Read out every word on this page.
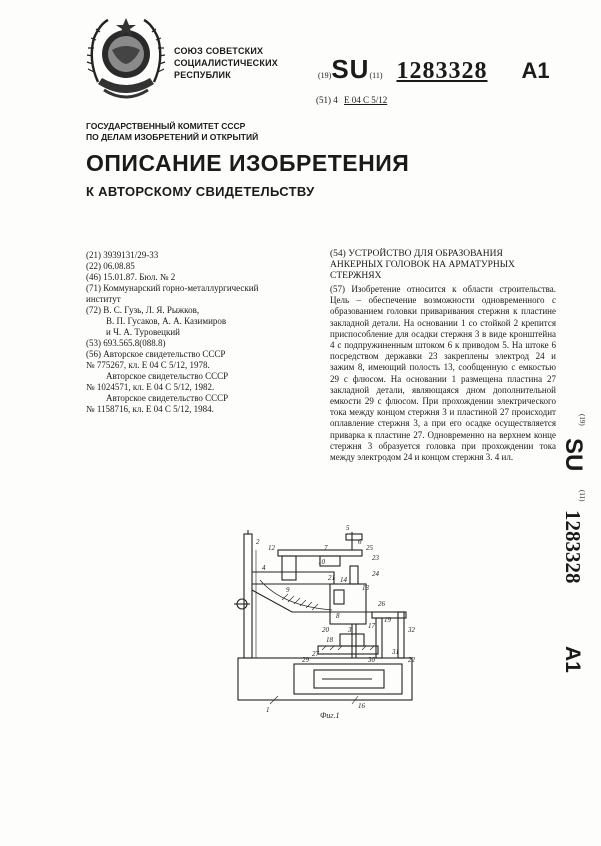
СОЮЗ СОВЕТСКИХ
СОЦИАЛИСТИЧЕСКИХ
РЕСПУБЛИК	(19)SU(11) 1283328 A1
(51) 4 E 04 C 5/12
ГОСУДАРСТВЕННЫЙ КОМИТЕТ СССР
ПО ДЕЛАМ ИЗОБРЕТЕНИЙ И ОТКРЫТИЙ
ОПИСАНИЕ ИЗОБРЕТЕНИЯ
К АВТОРСКОМУ СВИДЕТЕЛЬСТВУ
(21) 3939131/29-33
(22) 06.08.85
(46) 15.01.87. Бюл. № 2
(71) Коммунарский горно-металлургический
институт
(72) В. С. Гузь, Л. Я. Рыжков,
В. П. Гусаков, А. А. Казимиров
и Ч. А. Туровецкий
(53) 693.565.8(088.8)
(56) Авторское свидетельство СССР
№ 775267, кл. Е 04 С 5/12, 1978.
Авторское свидетельство СССР
№ 1024571, кл. Е 04 С 5/12, 1982.
Авторское свидетельство СССР
№ 1158716, кл. Е 04 С 5/12, 1984.
(54) УСТРОЙСТВО ДЛЯ ОБРАЗОВАНИЯ АНКЕРНЫХ ГОЛОВОК НА АРМАТУРНЫХ СТЕРЖНЯХ
(57) Изобретение относится к области строительства. Цель – обеспечение возможности одновременного с образованием головки приваривания стержня к пластине закладной детали. На основании 1 со стойкой 2 крепится приспособление для осадки стержня 3 в виде кронштейна 4 с подпружиненным штоком 6 к приводом 5. На штоке 6 посредством державки 23 закреплены электрод 24 и зажим 8, имеющий полость 13, сообщенную с емкостью 29 с флюсом. На основании 1 размещена пластина 27 закладной детали, являющаяся дном дополнительной емкости 29 с флюсом. При прохождении электрического тока между концом стержня 3 и пластиной 27 происходит оплавление стержня 3, а при его осадке осуществляется приварка к пластине 27. Одновременно на верхнем конце стержня 3 образуется головка при прохождении тока между электродом 24 и концом стержня 3. 4 ил.
(19)
SU
(11)
1283328
A1
1
2
3
4
5
6
7
8
9
10
12
13
14
16
17
18
19
20
21
22
23
24
25
26
27
29	30
31
32
Фиг.1
